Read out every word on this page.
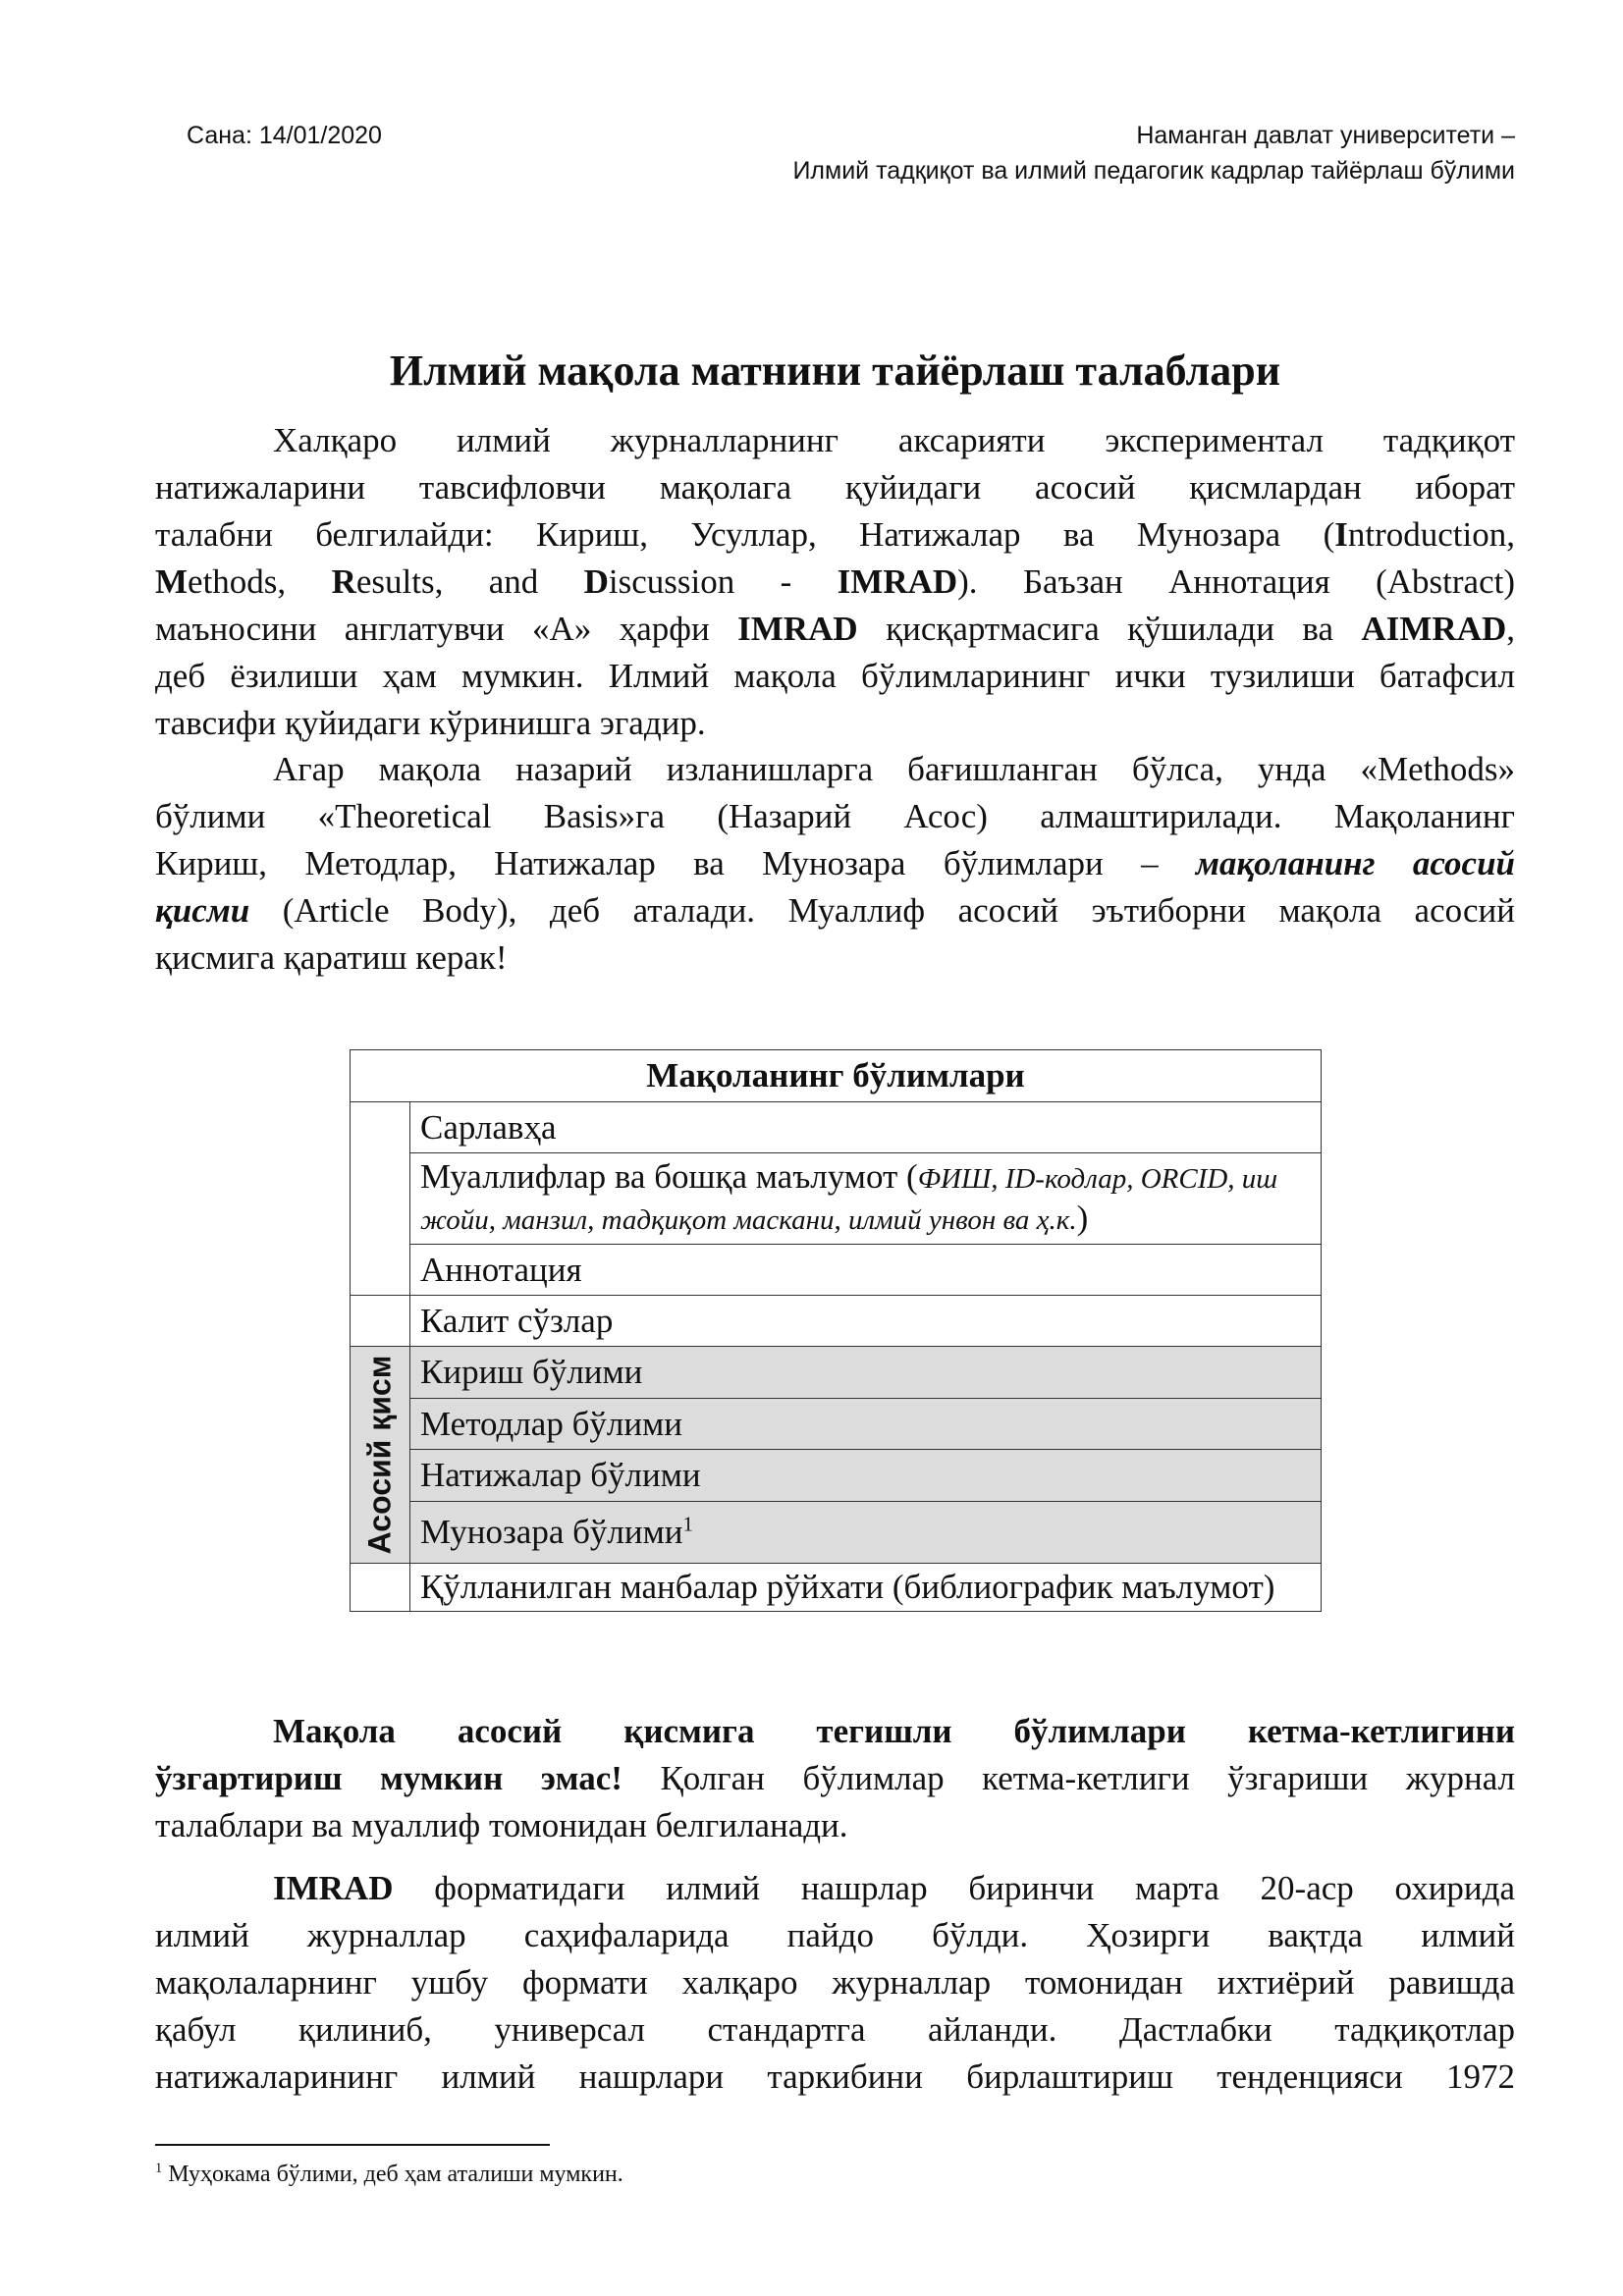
Сана: 14/01/2020	Наманган давлат университети –
Илмий тадқиқот ва илмий педагогик кадрлар тайёрлаш бўлими
Илмий мақола матнини тайёрлаш талаблари
Халқаро илмий журналларнинг аксарияти экспериментал тадқиқот
натижаларини тавсифловчи мақолага қуйидаги асосий қисмлардан иборат
талабни белгилайди: Кириш, Усуллар, Натижалар ва Мунозара (Introduction,
Methods, Results, and Discussion - IMRAD). Баъзан Аннотация (Abstract)
маъносини англатувчи «А» ҳарфи IMRAD қисқартмасига қўшилади ва AIMRAD,
деб ёзилиши ҳам мумкин. Илмий мақола бўлимларининг ички тузилиши батафсил
тавсифи қуйидаги кўринишга эгадир.
Агар мақола назарий изланишларга бағишланган бўлса, унда «Methods»
бўлими «Theoretical Basis»га (Назарий Асос) алмаштирилади. Мақоланинг
Кириш, Методлар, Натижалар ва Мунозара бўлимлари – мақоланинг асосий
қисми (Article Body), деб аталади. Муаллиф асосий эътиборни мақола асосий
қисмига қаратиш керак!
Мақоланинг бўлимлари	
	Сарлавҳа
	Муаллифлар ва бошқа маълумот (ФИШ, ID-кодлар, ORCID, иш жойи, манзил, тадқиқот маскани, илмий унвон ва ҳ.к.)
	Аннотация
	Калит сўзлар

Асосий қисм	Кириш бўлими
	Методлар бўлими
	Натижалар бўлими
	Мунозара бўлими$^1$
	Қўлланилган манбалар рўйхати (библиографик маълумот)
Мақола асосий қисмига тегишли бўлимлари кетма-кетлигини
ўзгартириш мумкин эмас! Қолган бўлимлар кетма-кетлиги ўзгариши журнал
талаблари ва муаллиф томонидан белгиланади.
IMRAD форматидаги илмий нашрлар биринчи марта 20-аср охирида
илмий журналлар саҳифаларида пайдо бўлди. Ҳозирги вақтда илмий
мақолаларнинг ушбу формати халқаро журналлар томонидан ихтиёрий равишда
қабул қилиниб, универсал стандартга айланди. Дастлабки тадқиқотлар
натижаларининг илмий нашрлари таркибини бирлаштириш тенденцияси 1972
$^1$ Муҳокама бўлими, деб ҳам аталиши мумкин.
